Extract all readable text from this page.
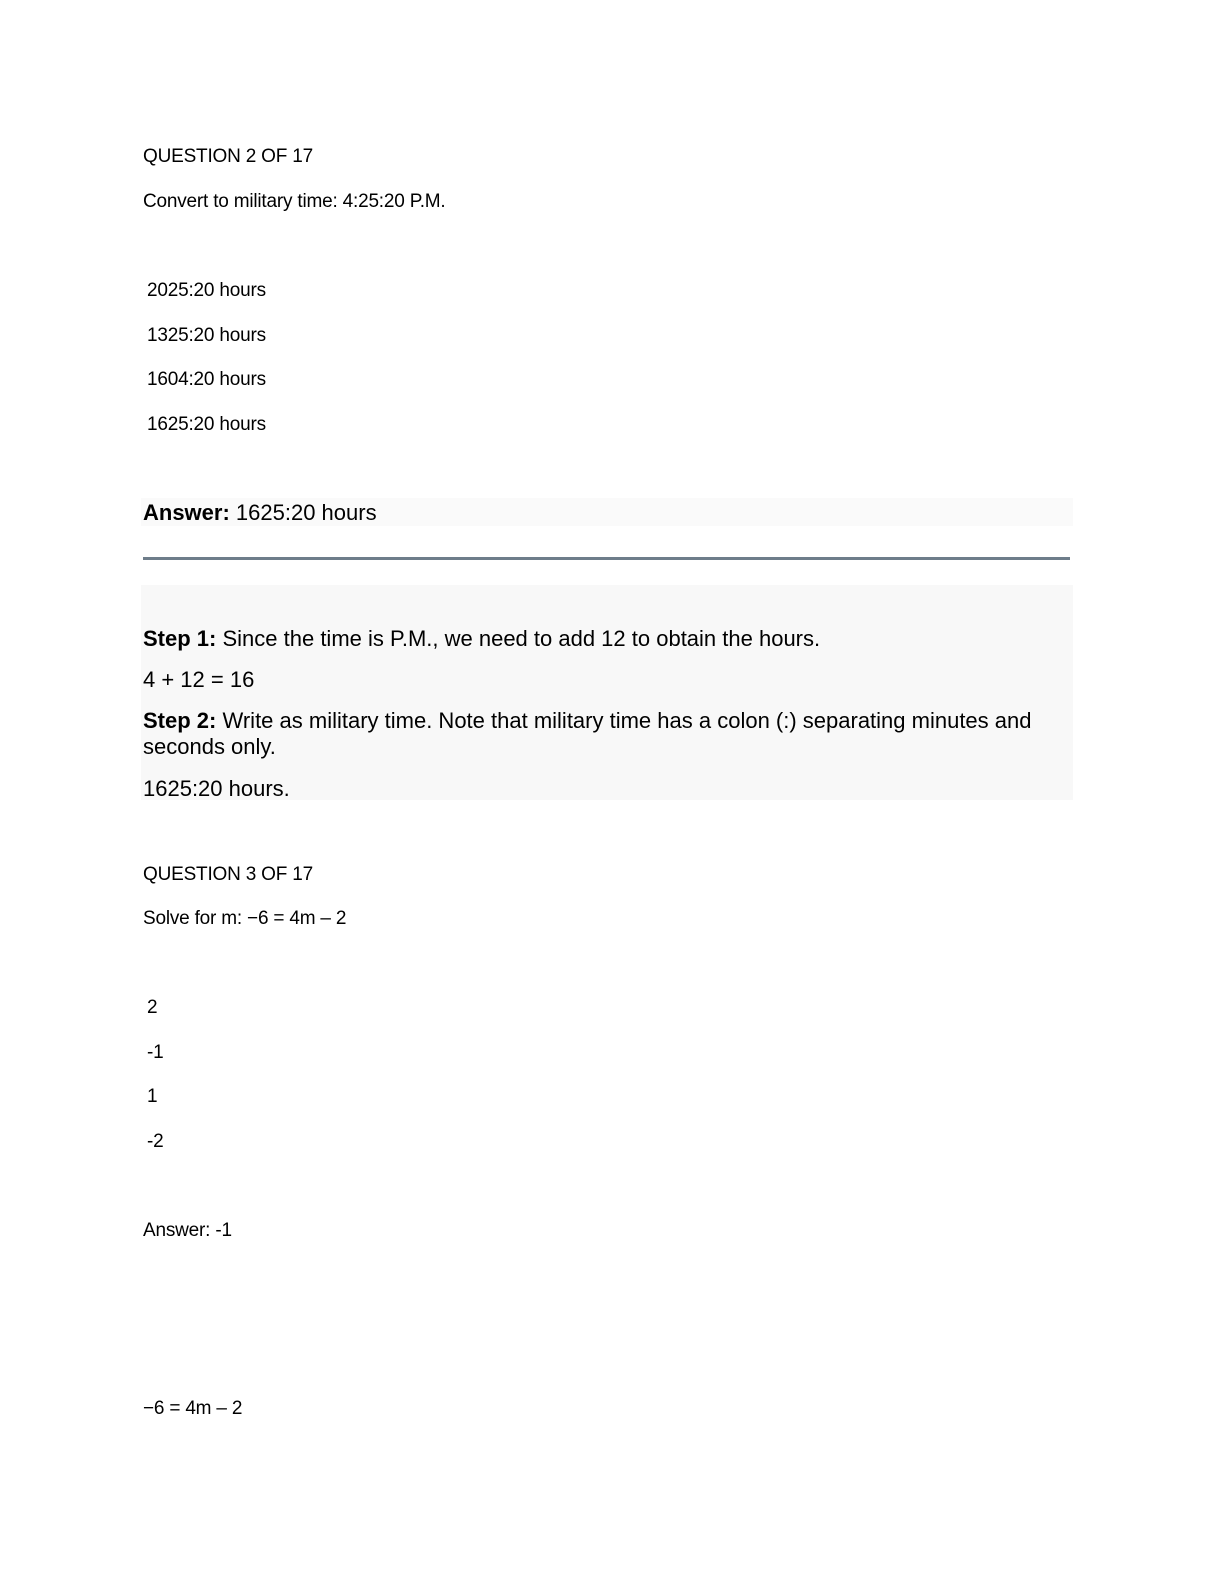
QUESTION 2 OF 17
Convert to military time: 4:25:20 P.M.
2025:20 hours
1325:20 hours
1604:20 hours
1625:20 hours
Answer: 1625:20 hours
Step 1: Since the time is P.M., we need to add 12 to obtain the hours.
4 + 12 = 16
Step 2: Write as military time. Note that military time has a colon (:) separating minutes and seconds only.
1625:20 hours.
QUESTION 3 OF 17
Solve for m: −6 = 4m – 2
2
-1
1
-2
Answer: -1
−6 = 4m – 2
